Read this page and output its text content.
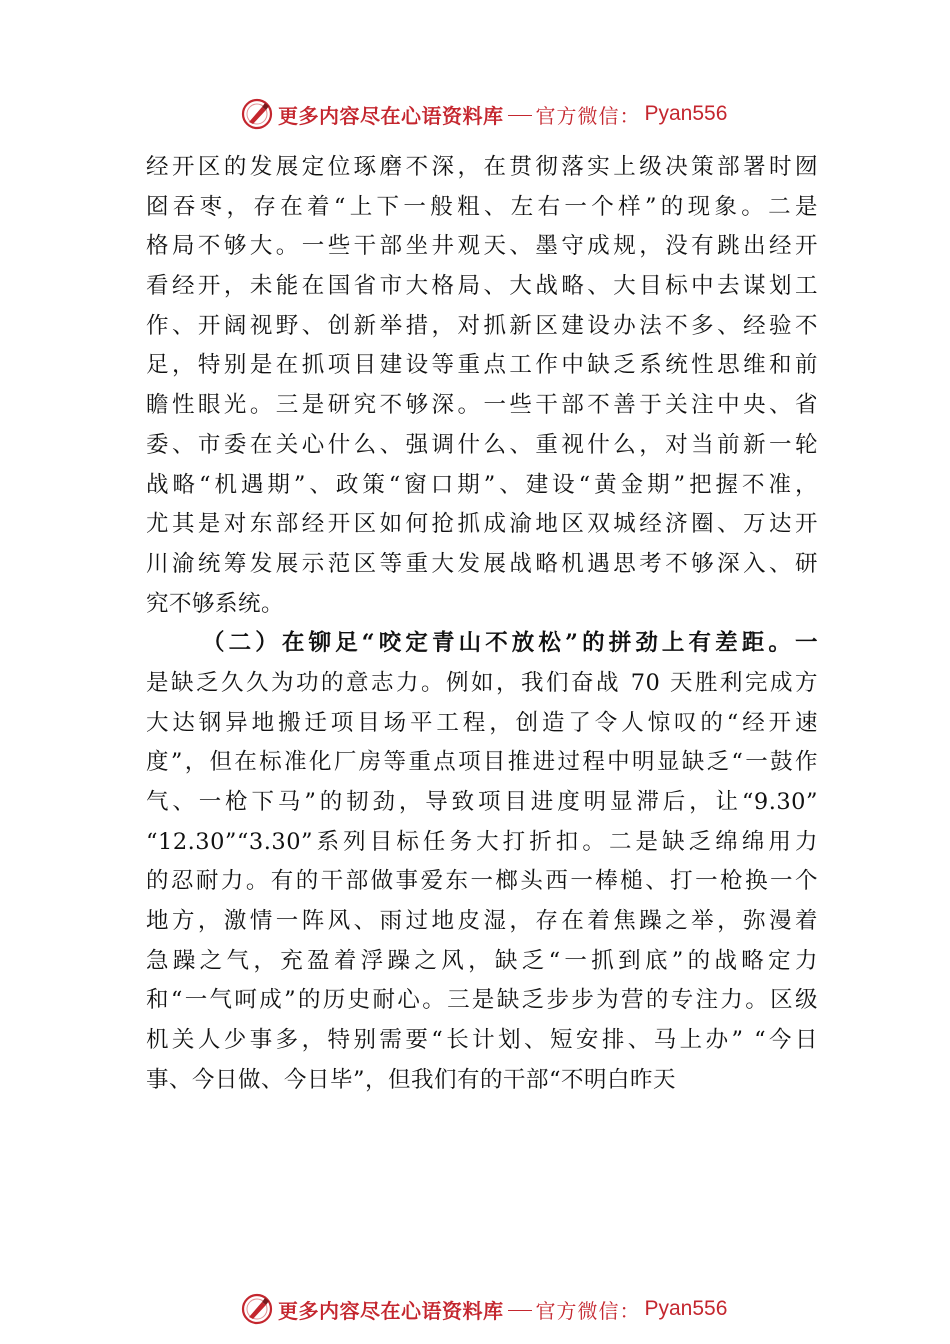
更多内容尽在心语资料库 官方微信： Pyan556
经开区的发展定位琢磨不深，在贯彻落实上级决策部署时囫
囵吞枣，存在着“上下一般粗、左右一个样”的现象。二是
格局不够大。一些干部坐井观天、墨守成规，没有跳出经开
看经开，未能在国省市大格局、大战略、大目标中去谋划工
作、开阔视野、创新举措，对抓新区建设办法不多、经验不
足，特别是在抓项目建设等重点工作中缺乏系统性思维和前
瞻性眼光。三是研究不够深。一些干部不善于关注中央、省
委、市委在关心什么、强调什么、重视什么，对当前新一轮
战略“机遇期”、政策“窗口期”、建设“黄金期”把握不准，
尤其是对东部经开区如何抢抓成渝地区双城经济圈、万达开
川渝统筹发展示范区等重大发展战略机遇思考不够深入、研
究不够系统。
（二）在铆足“咬定青山不放松”的拼劲上有差距。一
是缺乏久久为功的意志力。例如，我们奋战 70 天胜利完成方
大达钢异地搬迁项目场平工程，创造了令人惊叹的“经开速
度”，但在标准化厂房等重点项目推进过程中明显缺乏“一鼓作
气、一枪下马”的韧劲，导致项目进度明显滞后，让“9.30”
“12.30”“3.30”系列目标任务大打折扣。二是缺乏绵绵用力
的忍耐力。有的干部做事爱东一榔头西一棒槌、打一枪换一个
地方，激情一阵风、雨过地皮湿，存在着焦躁之举，弥漫着
急躁之气，充盈着浮躁之风，缺乏“一抓到底”的战略定力
和“一气呵成”的历史耐心。三是缺乏步步为营的专注力。区级
机关人少事多，特别需要“长计划、短安排、马上办” “今日
事、今日做、今日毕”，但我们有的干部“不明白昨天
更多内容尽在心语资料库 官方微信： Pyan556
